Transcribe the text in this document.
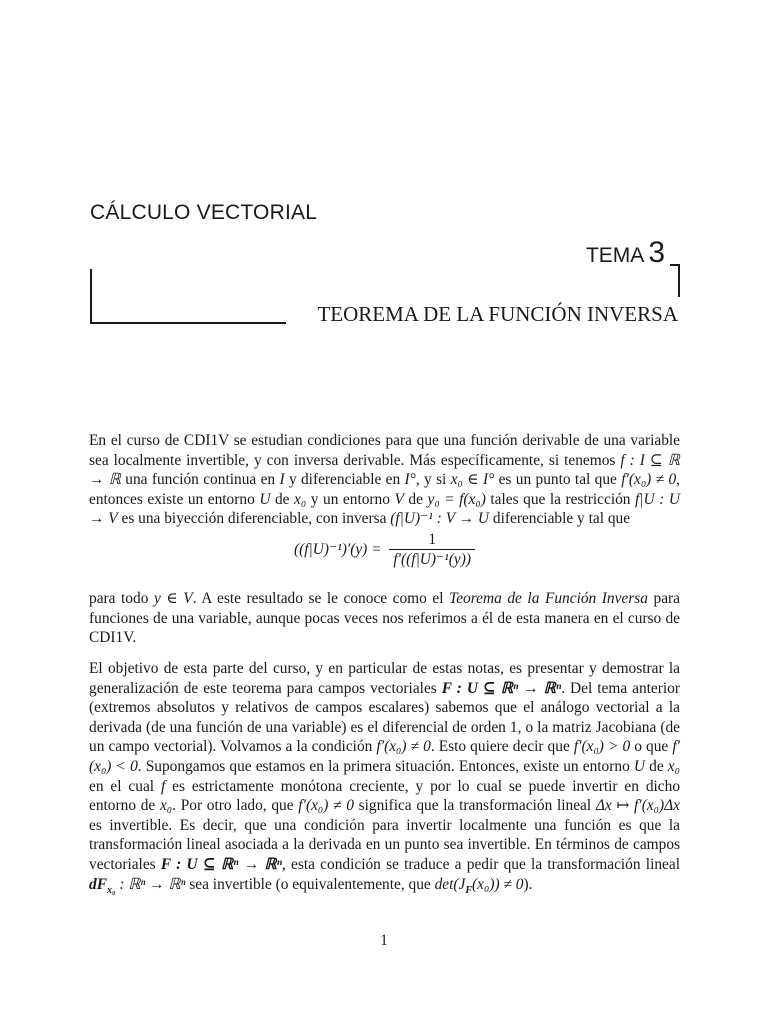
CÁLCULO VECTORIAL
TEMA 3
TEOREMA DE LA FUNCIÓN INVERSA

En el curso de CDI1V se estudian condiciones para que una función derivable de una variable sea localmente invertible, y con inversa derivable. Más específicamente, si tenemos f : I ⊆ ℝ → ℝ una función continua en I y diferenciable en I°, y si x₀ ∈ I° es un punto tal que f′(x₀) ≠ 0, entonces existe un entorno U de x₀ y un entorno V de y₀ = f(x₀) tales que la restricción f|U : U → V es una biyección diferenciable, con inversa (f|U)⁻¹ : V → U diferenciable y tal que

$((f|U)^{-1})'(y) = \frac{1}{\text{f′((f|U)⁻¹(y))}}$

para todo y ∈ V. A este resultado se le conoce como el Teorema de la Función Inversa para funciones de una variable, aunque pocas veces nos referimos a él de esta manera en el curso de CDI1V.

El objetivo de esta parte del curso, y en particular de estas notas, es presentar y demostrar la generalización de este teorema para campos vectoriales F : U ⊆ ℝⁿ → ℝⁿ. Del tema anterior (extremos absolutos y relativos de campos escalares) sabemos que el análogo vectorial a la derivada (de una función de una variable) es el diferencial de orden 1, o la matriz Jacobiana (de un campo vectorial). Volvamos a la condición f′(x₀) ≠ 0. Esto quiere decir que f′(x₀) > 0 o que f′(x₀) < 0. Supongamos que estamos en la primera situación. Entonces, existe un entorno U de x₀ en el cual f es estrictamente monótona creciente, y por lo cual se puede invertir en dicho entorno de x₀. Por otro lado, que f′(x₀) ≠ 0 significa que la transformación lineal Δx ↦ f′(x₀)Δx es invertible. Es decir, que una condición para invertir localmente una función es que la transformación lineal asociada a la derivada en un punto sea invertible. En términos de campos vectoriales F : U ⊆ ℝⁿ → ℝⁿ, esta condición se traduce a pedir que la transformación lineal $dF_{x_0}$ : ℝⁿ → ℝⁿ sea invertible (o equivalentemente, que $\det(J_F(x_0)) \ne 0$).

1
